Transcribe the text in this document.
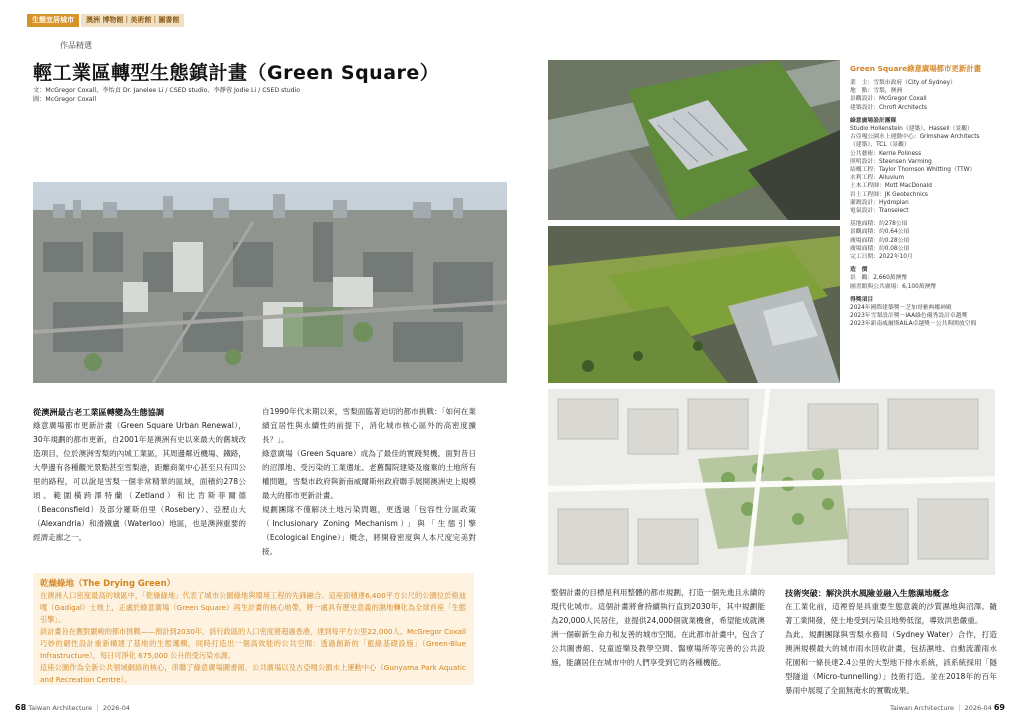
生態宜居城市	澳洲 博物館｜美術館｜圖書館
作品精選
輕工業區轉型生態鎮計畫（Green Square）
文：McGregor Coxall、李怡貞 Dr. Janelee Li / CSED studio、李靜蓉 Jodie Li / CSED studio
圖：McGregor Coxall
從澳洲最古老工業區轉變為生態協調
綠意廣場都市更新計畫（Green Square Urban Renewal），30年規劃的都市更新，自2001年是澳洲有史以來最大的舊城改造項目，位於澳洲雪梨的內城工業區，其周邊鄰近機場、鐵路，大學邊有各種觀光景點甚至雪梨港，距離商業中心甚至只有四公里的路程，可以說是雪梨一個非常精華的區域，面積約278公頃。範圍橫跨澤特蘭（Zetland）和比肯斯菲爾德（Beaconsfield）及部分羅斯伯里（Rosebery）、亞歷山大（Alexandria）和滑鐵盧（Waterloo）地區，也是澳洲重要的經濟走廊之一。
自1990年代末期以來，雪梨面臨著迫切的都市挑戰：「如何在業績宜居性與永續性的前提下，消化城市核心區外的高密度擴長？」。
綠意廣場（Green Square）成為了最佳的實踐契機，面對昔日的沼澤地、受污染的工業遺址、老舊醫院建築及廢棄的土地所有權問題，雪梨市政府與新南威爾斯州政府聯手展開澳洲史上規模最大的都市更新計畫。
規劃團隊不僅解決土地污染問題，更透過「包容性分區政策（Inclusionary Zoning Mechanism）」與「生態引擎（Ecological Engine）」概念，將開發密度與人本尺度完美對接。
乾燥綠地（The Drying Green）
在澳洲人口密度最高的城區中，「乾燥綠地」代表了城市公園綠地與環境工程的先鋒融合。這座面積達6,400平方公尺的公園位於格迪嘎（Gadigal）土地上，正處於綠意廣場（Green Square）再生計畫的核心地帶，將一處具有歷史意義的濕地轉化為全球首座「生態引擎」。
該計畫旨在應對嚴峻的都市挑戰——預計到2030年，該行政區的人口密度將超過香港，達到每平方公里22,000人。McGregor Coxall 巧妙的韌性設計重新構建了基地的生態邏輯，同時打造出一個高效能的公共空間：透過創新的「藍綠基礎設施」（Green-Blue Infrastructure），每日可淨化 675,000 公升的受污染水源。
這座公園作為全新公共領域網絡的核心，串聯了綠意廣場圖書館、公共廣場以及古亞嘎公園水上運動中心（Gunyama Park Aquatic and Recreation Centre）。
68 Taiwan Architecture ｜ 2026-04
Green Square綠意廣場都市更新計畫
業　主：雪梨市政府（City of Sydney）
地　點：雪梨，澳洲
景觀設計：McGregor Coxall
建築設計：Chrofi Architects
綠意廣場設計團隊
Studio Hollenstein（建築）、Hassell（景觀）
古亞嘎公園水上運動中心：Grimshaw Architects（建築）、TCL（景觀）
公共藝術：Kerrie Poliness
照明設計：Steensen Varming
結構工程：Taylor Thomson Whitting（TTW）
水利工程：Alluvium
土木工程師：Mott MacDonald
岩土工程師：JK Geotechnics
灌溉設計：Hydroplan
電氣設計：Transelect
基地面積：約278公頃
景觀面積：約0.64公頃
廣場面積：約0.28公頃
廣場面積：約0.08公頃
完工日期：2022年10月
造　價
景　觀：2,660萬澳幣
圖書館與公共廣場：6,100萬澳幣
得獎項目
2024年國際建築獎－芝加哥雅典娜神殿
2023年雪梨設計獎－IAA綠色優秀設計卓越獎
2023年新南威爾斯AILA卓越獎－公共與開放空間
整個計畫的目標是利用整體的都市規劃，打造一個先進且永續的現代化城市。這個計畫將會持續執行直到2030年，其中規劃能為20,000人民居住，並提供24,000個就業機會，希望能成就澳洲一個嶄新生命力和友善的城市空間。在此都市計畫中，包含了公共圖書館、兒童遊樂及教學空間、醫療場所等完善的公共設施，能讓居住在城市中的人們享受到它的各種機能。
技術突破：解決洪水風險並融入生態濕地概念
在工業化前，這裡曾是具重要生態意義的沙質濕地與沼澤。隨著工業開發，使土地受到污染且地勢低窪，導致洪患嚴重。
為此，規劃團隊與雪梨水務局（Sydney Water）合作，打造澳洲規模最大的城市雨水回收計畫，包括濕地、自動流灌雨水花園和一條長達2.4公里的大型地下排水系統，該系統採用「隧型隧道（Micro-tunnelling）」技術打造。並在2018年的百年暴雨中展現了全面無淹水的實戰成果。
Taiwan Architecture ｜ 2026-04 69
